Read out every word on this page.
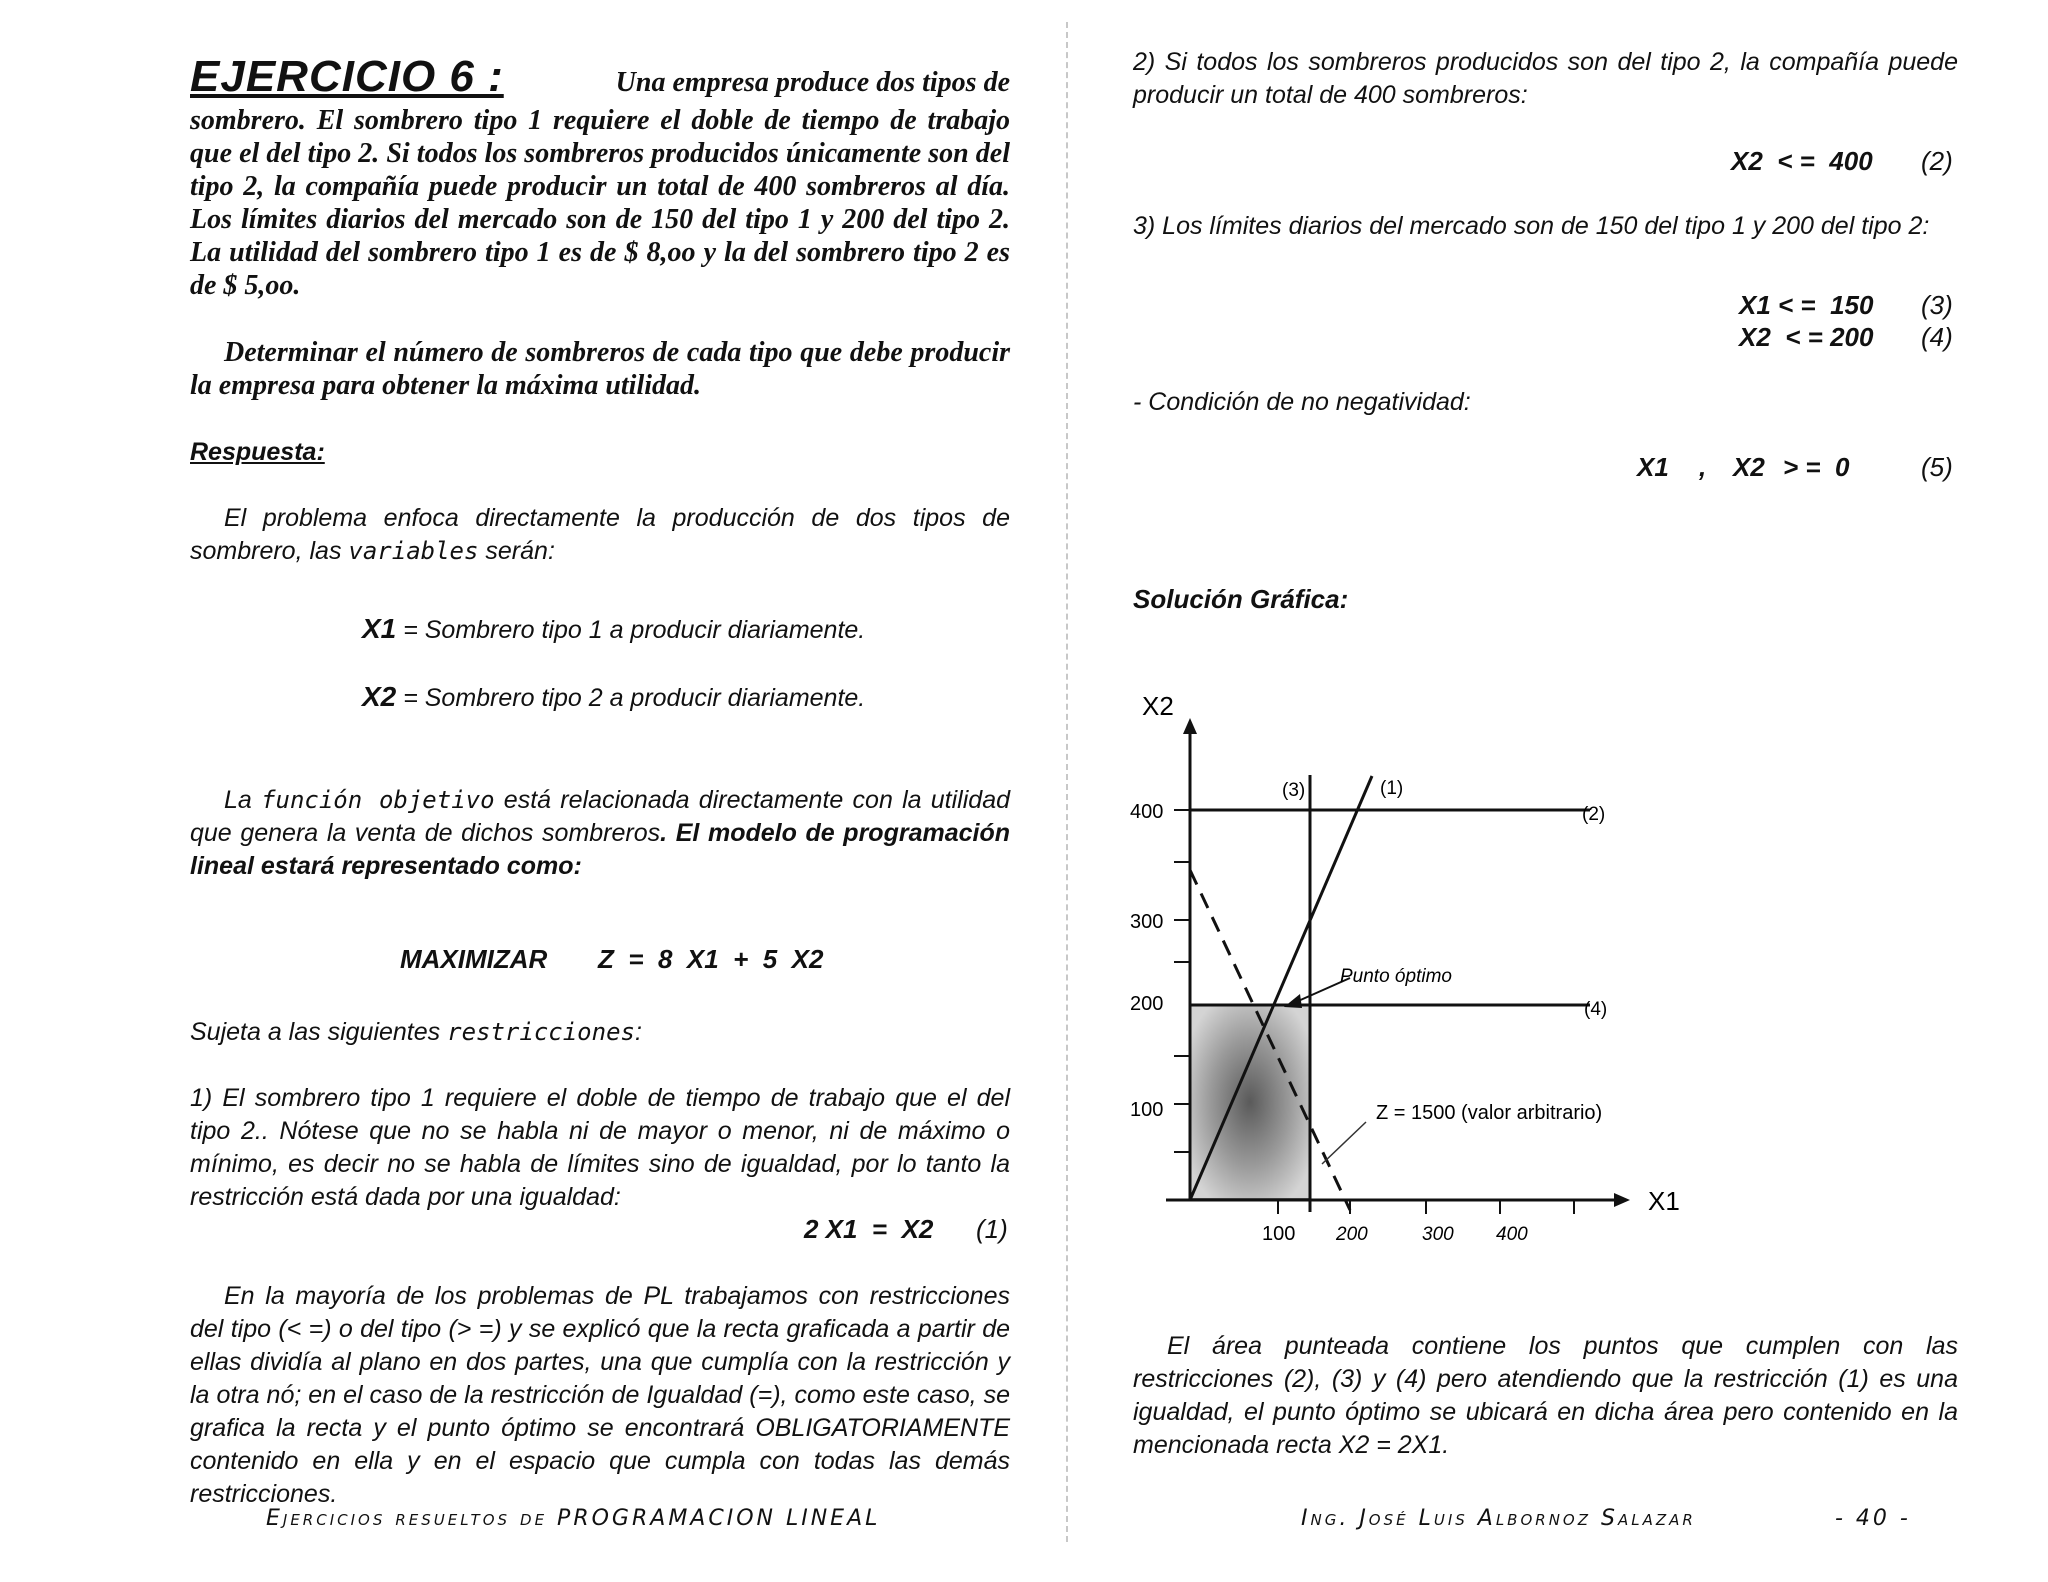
EJERCICIO 6 :	Una empresa produce dos tipos de

sombrero. El sombrero tipo 1 requiere el doble de tiempo de trabajo que el del tipo 2. Si todos los sombreros producidos únicamente son del tipo 2, la compañía puede producir un total de 400 sombreros al día. Los límites diarios del mercado son de 150 del tipo 1 y 200 del tipo 2. La utilidad del sombrero tipo 1 es de $ 8,oo y la del sombrero tipo 2 es de $ 5,oo.

Determinar el número de sombreros de cada tipo que debe producir la empresa para obtener la máxima utilidad.

Respuesta:

El problema enfoca directamente la producción de dos tipos de sombrero, las variables serán:

X1 = Sombrero tipo 1 a producir diariamente.

X2 = Sombrero tipo 2 a producir diariamente.

La función objetivo está relacionada directamente con la utilidad que genera la venta de dichos sombreros. El modelo de programación lineal estará representado como:

MAXIMIZAR Z  =  8  X1  +  5  X2

Sujeta a las siguientes restricciones:

1) El sombrero tipo 1 requiere el doble de tiempo de trabajo que el del tipo 2.. Nótese que no se habla ni de mayor o menor, ni de máximo o mínimo, es decir no se habla de límites sino de igualdad, por lo tanto la restricción está dada por una igualdad:

2 X1  =  X2 (1)

En la mayoría de los problemas de PL trabajamos con restricciones del tipo (< =) o del tipo (> =) y se explicó que la recta graficada a partir de ellas dividía al plano en dos partes, una que cumplía con la restricción y la otra nó; en el caso de la restricción de Igualdad (=), como este caso, se grafica la recta y el punto óptimo se encontrará OBLIGATORIAMENTE contenido en ella y en el espacio que cumpla con todas las demás restricciones.

Ejercicios resueltos de PROGRAMACION LINEAL

2) Si todos los sombreros producidos son del tipo 2, la compañía puede producir un total de 400 sombreros:

X2  < =  400 (2)

3) Los límites diarios del mercado son de 150 del tipo 1 y 200 del tipo 2:

X1 < =  150 (3)

X2  < = 200 (4)

- Condición de no negatividad:

X1 , X2 > =  0	(5)

Solución Gráfica:

El área punteada contiene los puntos que cumplen con las restricciones (2), (3) y (4) pero atendiendo que la restricción (1) es una igualdad, el punto óptimo se ubicará en dicha área pero contenido en la mencionada recta X2 = 2X1.

Ing. José Luis Albornoz Salazar	- 40 -

X2
X1
400
300
200
100
100 200	300 400
(3)	(1)
(2)
(4)
Punto óptimo
Z = 1500 (valor arbitrario)
